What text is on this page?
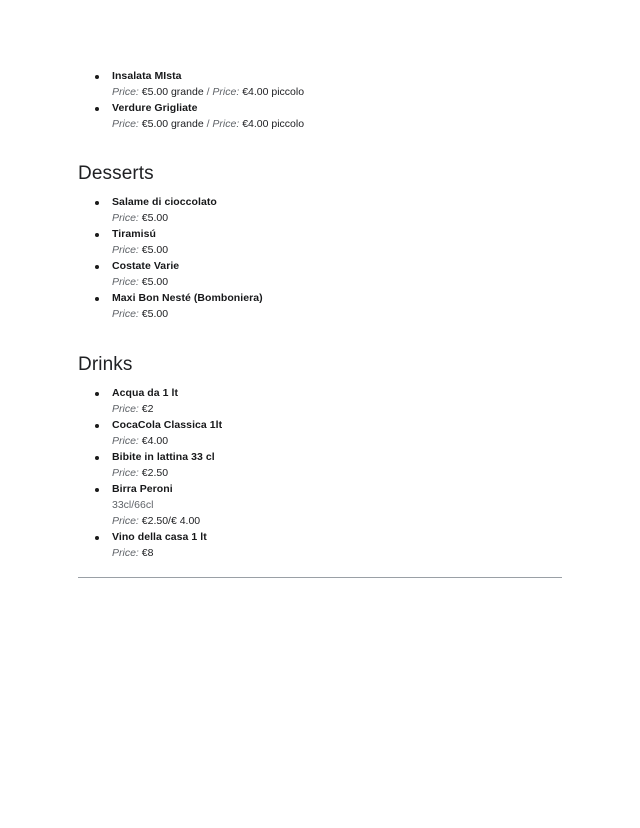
Insalata MIsta
Price: €5.00 grande / Price: €4.00 piccolo
Verdure Grigliate
Price: €5.00 grande / Price: €4.00 piccolo
Desserts
Salame di cioccolato
Price: €5.00
Tiramisú
Price: €5.00
Costate Varie
Price: €5.00
Maxi Bon Nesté (Bomboniera)
Price: €5.00
Drinks
Acqua da 1 lt
Price: €2
CocaCola Classica 1lt
Price: €4.00
Bibite in lattina 33 cl
Price: €2.50
Birra Peroni
33cl/66cl
Price: €2.50/€ 4.00
Vino della casa 1 lt
Price: €8
